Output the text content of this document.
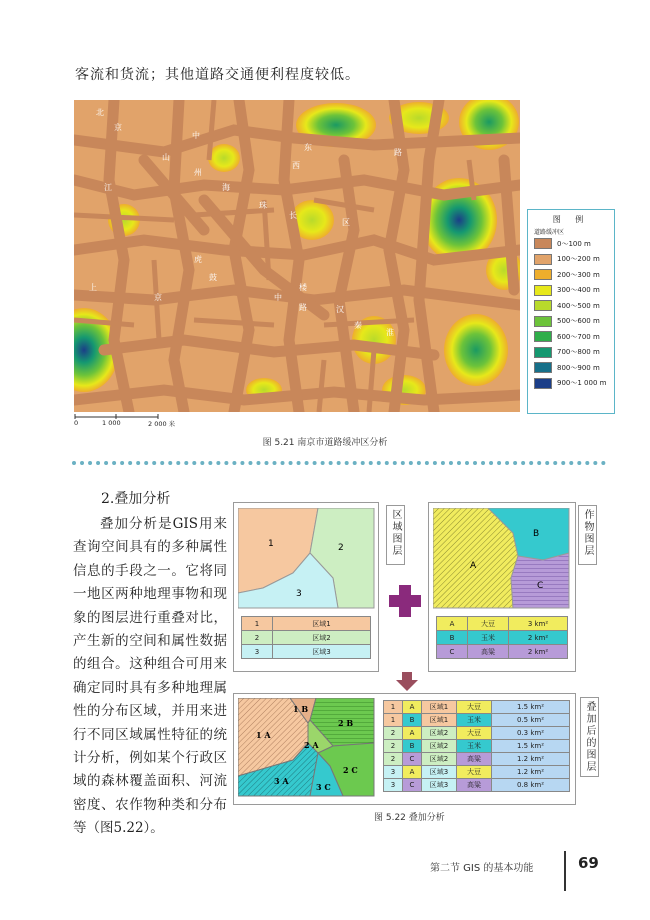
客流和货流；其他道路交通便利程度较低。
北
京
东
路
西
中
山
州
海
江
珠
长
区
虎
鼓
楼
路
中
汉
秦
淮
京
上
图 例
道路缓冲区
0～100 m
100～200 m
200～300 m
300～400 m
400～500 m
500～600 m
600～700 m
700～800 m
800～900 m
900～1 000 m
0	1 000	2 000 米
图 5.21 南京市道路缓冲区分析
2.叠加分析

叠加分析是GIS用来查询空间具有的多种属性信息的手段之一。它将同一地区两种地理事物和现象的图层进行重叠对比，产生新的空间和属性数据的组合。这种组合可用来确定同时具有多种地理属性的分布区域，并用来进行不同区域属性特征的统计分析，例如某个行政区域的森林覆盖面积、河流密度、农作物种类和分布等（图5.22）。

1	2
3
1	区域1
2	区域2
3	区域3
区域图层
A
B
C
A	大豆	3 km²
B	玉米	2 km²
C	高粱	2 km²
作物图层
1 B
1 A
2 B
2 A
2 C
3 A
3 C
1	A	区域1	大豆	1.5 km²
1	B	区域1	玉米	0.5 km²
2	A	区域2	大豆	0.3 km²
2	B	区域2	玉米	1.5 km²
2	C	区域2	高粱	1.2 km²
3	A	区域3	大豆	1.2 km²
3	C	区域3	高粱	0.8 km²
叠加后的图层
图 5.22 叠加分析
第二节 GIS 的基本功能	69
